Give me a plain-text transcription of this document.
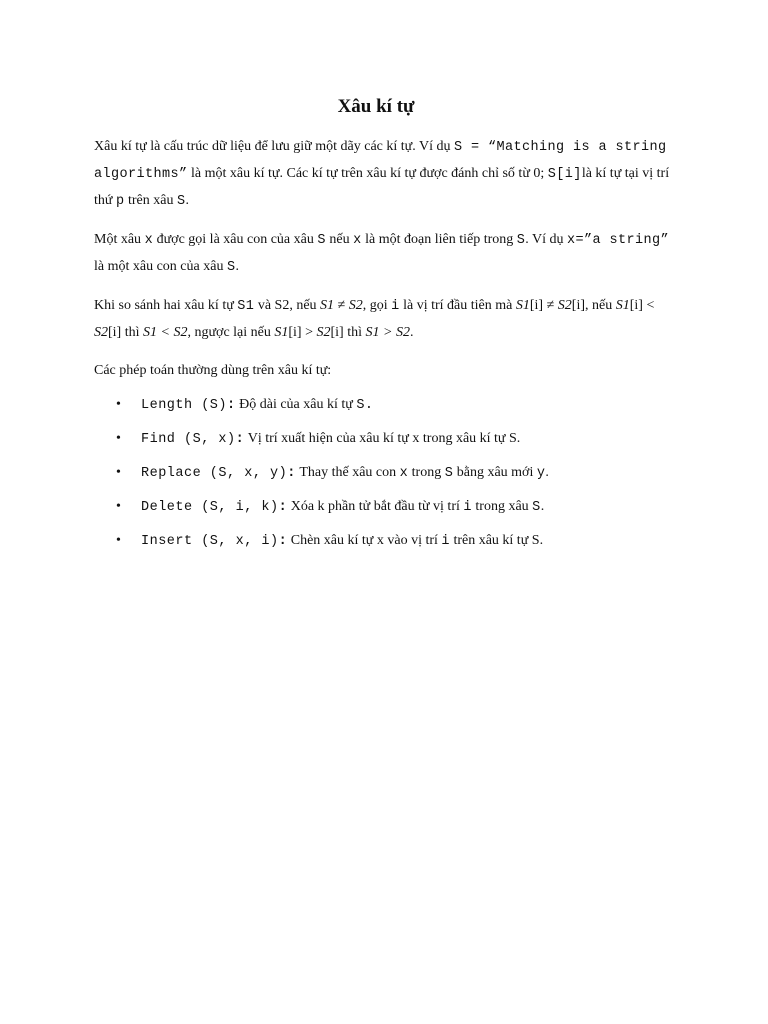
Xâu kí tự

Xâu kí tự là cấu trúc dữ liệu để lưu giữ một dãy các kí tự. Ví dụ S = “Matching is a string algorithms” là một xâu kí tự. Các kí tự trên xâu kí tự được đánh chỉ số từ 0; S[i]là kí tự tại vị trí thứ p trên xâu S.

Một xâu x được gọi là xâu con của xâu S nếu x là một đoạn liên tiếp trong S. Ví dụ x=”a string” là một xâu con của xâu S.

Khi so sánh hai xâu kí tự S1 và S2, nếu S1 ≠ S2, gọi i là vị trí đầu tiên mà S1[i] ≠ S2[i], nếu S1[i] < S2[i] thì S1 < S2, ngược lại nếu S1[i] > S2[i] thì S1 > S2.

Các phép toán thường dùng trên xâu kí tự:

• Length (S): Độ dài của xâu kí tự S.
• Find (S, x): Vị trí xuất hiện của xâu kí tự x trong xâu kí tự S.
• Replace (S, x, y): Thay thế xâu con x trong S bằng xâu mới y.
• Delete (S, i, k): Xóa k phần tử bắt đầu từ vị trí i trong xâu S.
• Insert (S, x, i): Chèn xâu kí tự x vào vị trí i trên xâu kí tự S.
